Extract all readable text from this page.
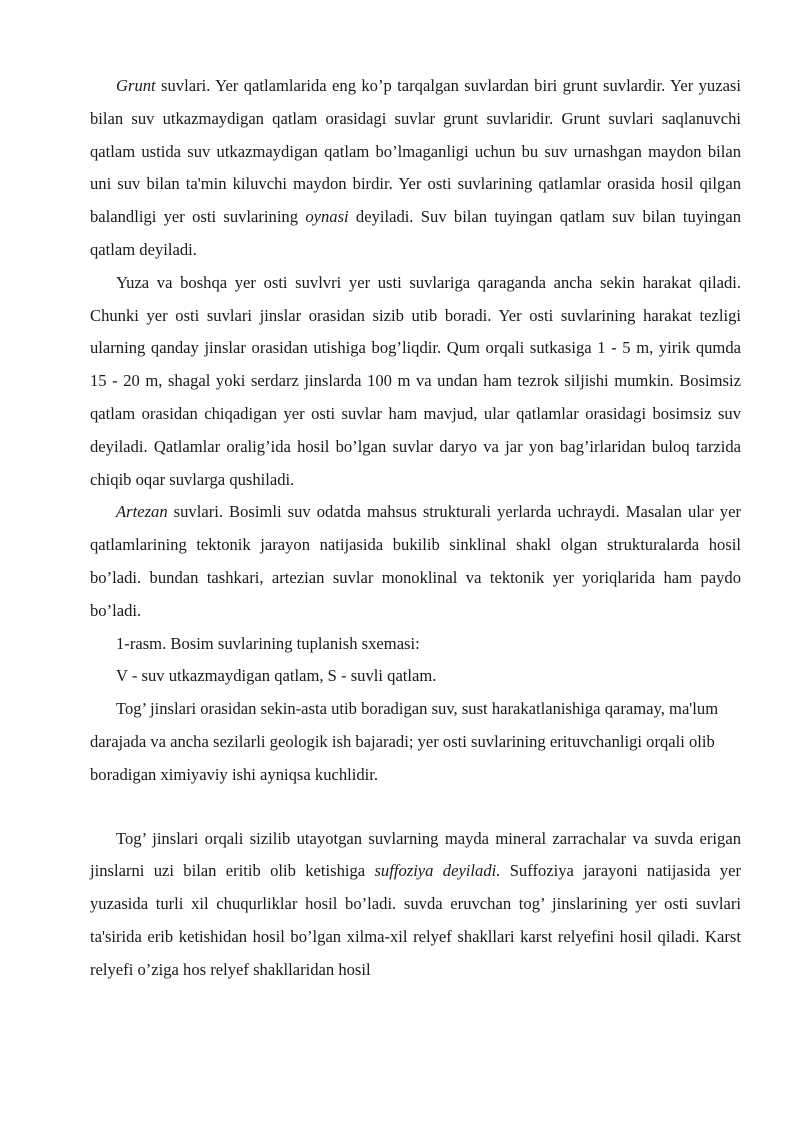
Grunt suvlari. Yer qatlamlarida eng ko’p tarqalgan suvlardan biri grunt suvlardir. Yer yuzasi bilan suv utkazmaydigan qatlam orasidagi suvlar grunt suvlaridir. Grunt suvlari saqlanuvchi qatlam ustida suv utkazmaydigan qatlam bo’lmaganligi uchun bu suv urnashgan maydon bilan uni suv bilan ta'min kiluvchi maydon birdir. Yer osti suvlarining qatlamlar orasida hosil qilgan balandligi yer osti suvlarining oynasi deyiladi. Suv bilan tuyingan qatlam suv bilan tuyingan qatlam deyiladi.

Yuza va boshqa yer osti suvlvri yer usti suvlariga qaraganda ancha sekin harakat qiladi. Chunki yer osti suvlari jinslar orasidan sizib utib boradi. Yer osti suvlarining harakat tezligi ularning qanday jinslar orasidan utishiga bog’liqdir. Qum orqali sutkasiga 1 - 5 m, yirik qumda 15 - 20 m, shagal yoki serdarz jinslarda 100 m va undan ham tezrok siljishi mumkin. Bosimsiz qatlam orasidan chiqadigan yer osti suvlar ham mavjud, ular qatlamlar orasidagi bosimsiz suv deyiladi. Qatlamlar oralig’ida hosil bo’lgan suvlar daryo va jar yon bag’irlaridan buloq tarzida chiqib oqar suvlarga qushiladi.

Artezan suvlari. Bosimli suv odatda mahsus strukturali yerlarda uchraydi. Masalan ular yer qatlamlarining tektonik jarayon natijasida bukilib sinklinal shakl olgan strukturalarda hosil bo’ladi. bundan tashkari, artezian suvlar monoklinal va tektonik yer yoriqlarida ham paydo bo’ladi.

1-rasm. Bosim suvlarining tuplanish sxemasi:

V - suv utkazmaydigan qatlam, S - suvli qatlam.

Tog’ jinslari orasidan sekin-asta utib boradigan suv, sust harakatlanishiga qaramay, ma'lum darajada va ancha sezilarli geologik ish bajaradi; yer osti suvlarining erituvchanligi orqali olib boradigan ximiyaviy ishi ayniqsa kuchlidir.

Tog’ jinslari orqali sizilib utayotgan suvlarning mayda mineral zarrachalar va suvda erigan jinslarni uzi bilan eritib olib ketishiga suffoziya deyiladi. Suffoziya jarayoni natijasida yer yuzasida turli xil chuqurliklar hosil bo’ladi. suvda eruvchan tog’ jinslarining yer osti suvlari ta'sirida erib ketishidan hosil bo’lgan xilma-xil relyef shakllari karst relyefini hosil qiladi. Karst relyefi o’ziga hos relyef shakllaridan hosil
